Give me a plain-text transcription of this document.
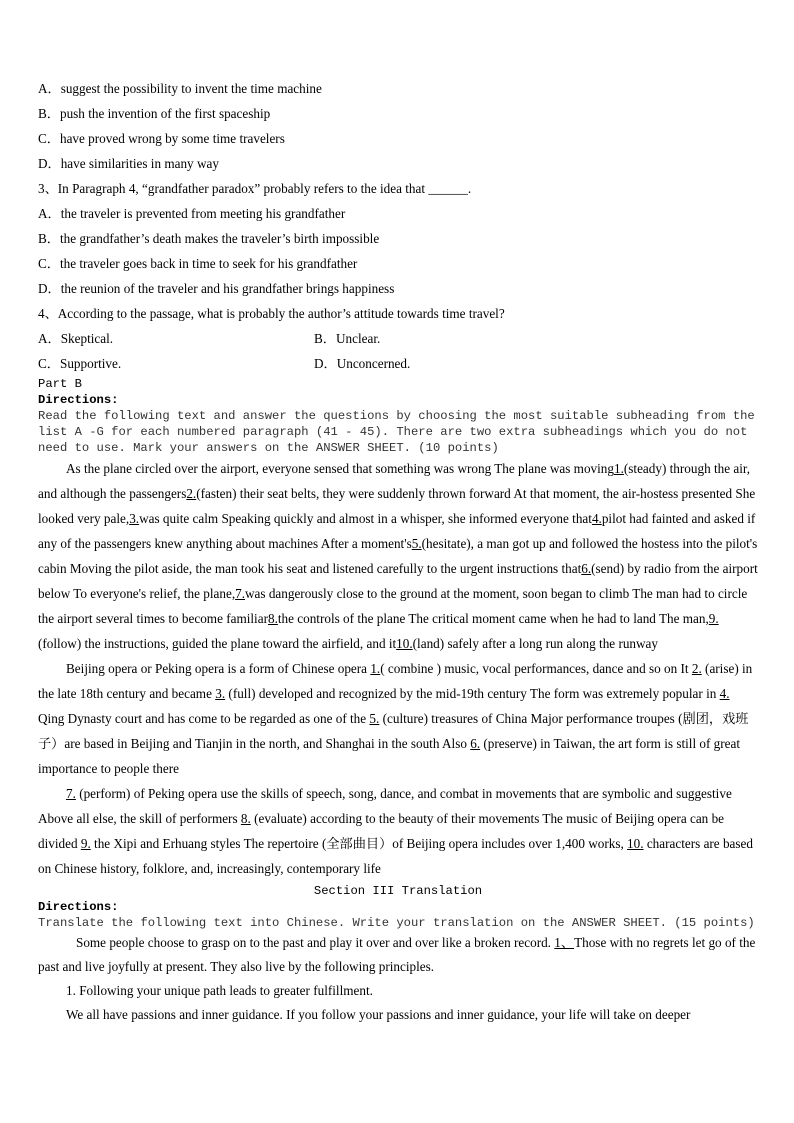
A．suggest the possibility to invent the time machine
B．push the invention of the first spaceship
C．have proved wrong by some time travelers
D．have similarities in many way
3、In Paragraph 4, “grandfather paradox” probably refers to the idea that ______.
A．the traveler is prevented from meeting his grandfather
B．the grandfather’s death makes the traveler’s birth impossible
C．the traveler goes back in time to seek for his grandfather
D．the reunion of the traveler and his grandfather brings happiness
4、According to the passage, what is probably the author’s attitude towards time travel?
A．Skeptical.	B．Unclear.
C．Supportive.	D．Unconcerned.
Part B
Directions:
Read the following text and answer the questions by choosing the most suitable subheading from the list A -G for each numbered paragraph (41 - 45). There are two extra subheadings which you do not need to use. Mark your answers on the ANSWER SHEET. (10 points)
As the plane circled over the airport, everyone sensed that something was wrong The plane was moving1.(steady) through the air, and although the passengers2.(fasten) their seat belts, they were suddenly thrown forward At that moment, the air-hostess presented She looked very pale,3.was quite calm Speaking quickly and almost in a whisper, she informed everyone that4.pilot had fainted and asked if any of the passengers knew anything about machines After a moment's5.(hesitate), a man got up and followed the hostess into the pilot's cabin Moving the pilot aside, the man took his seat and listened carefully to the urgent instructions that6.(send) by radio from the airport below To everyone's relief, the plane,7.was dangerously close to the ground at the moment, soon began to climb The man had to circle the airport several times to become familiar8.the controls of the plane The critical moment came when he had to land The man,9.(follow) the instructions, guided the plane toward the airfield, and it10.(land) safely after a long run along the runway
Beijing opera or Peking opera is a form of Chinese opera 1.( combine ) music, vocal performances, dance and so on It 2. (arise) in the late 18th century and became 3. (full) developed and recognized by the mid-19th century The form was extremely popular in 4. Qing Dynasty court and has come to be regarded as one of the 5. (culture) treasures of China Major performance troupes (剧团，戏班子）are based in Beijing and Tianjin in the north, and Shanghai in the south Also 6. (preserve) in Taiwan, the art form is still of great importance to people there
7. (perform) of Peking opera use the skills of speech, song, dance, and combat in movements that are symbolic and suggestive Above all else, the skill of performers 8. (evaluate) according to the beauty of their movements The music of Beijing opera can be divided 9. the Xipi and Erhuang styles The repertoire (全部曲目）of Beijing opera includes over 1,400 works, 10. characters are based on Chinese history, folklore, and, increasingly, contemporary life
Section III Translation
Directions:
Translate the following text into Chinese. Write your translation on the ANSWER SHEET. (15 points)
Some people choose to grasp on to the past and play it over and over like a broken record. 1、Those with no regrets let go of the past and live joyfully at present. They also live by the following principles.
1. Following your unique path leads to greater fulfillment.
We all have passions and inner guidance. If you follow your passions and inner guidance, your life will take on deeper
